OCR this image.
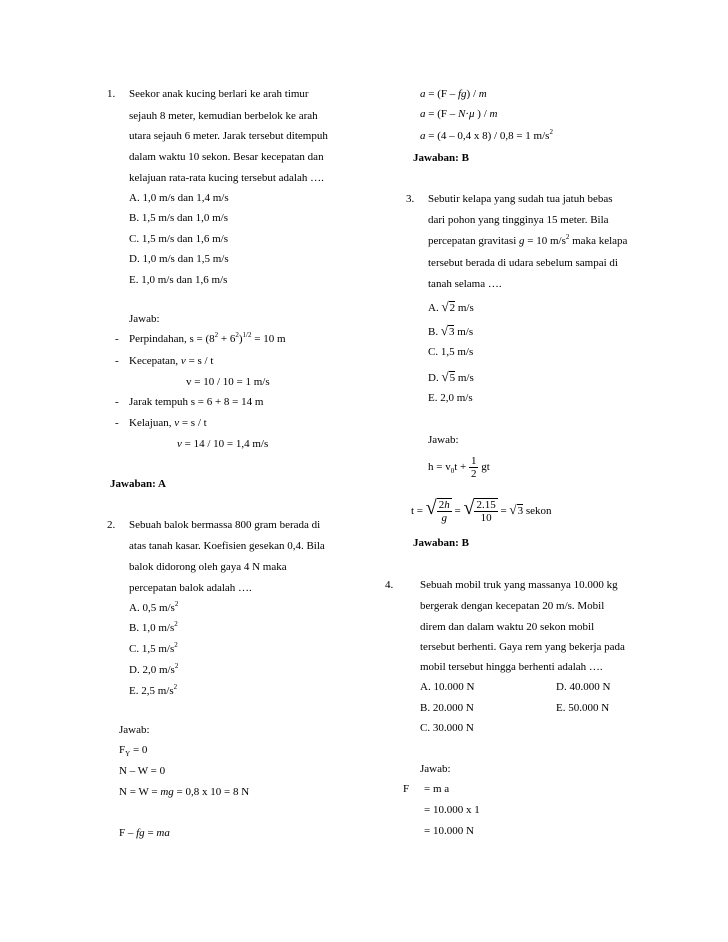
1. Seekor anak kucing berlari ke arah timur
sejauh 8 meter, kemudian berbelok ke arah
utara sejauh 6 meter. Jarak tersebut ditempuh
dalam waktu 10 sekon. Besar kecepatan dan
kelajuan rata-rata kucing tersebut adalah ….
A. 1,0 m/s dan 1,4 m/s
B. 1,5 m/s dan 1,0 m/s
C. 1,5 m/s dan 1,6 m/s
D. 1,0 m/s dan 1,5 m/s
E. 1,0 m/s dan 1,6 m/s
Jawab:
- Perpindahan, $s = (8^2 + 6^2)^{1/2} = 10$ m
- Kecepatan, v = s / t
v = 10 / 10 = 1 m/s
- Jarak tempuh s = 6 + 8 = 14 m
- Kelajuan, v = s / t
v = 14 / 10 = 1,4 m/s
Jawaban: A
2. Sebuah balok bermassa 800 gram berada di
atas tanah kasar. Koefisien gesekan 0,4. Bila
balok didorong oleh gaya 4 N maka
percepatan balok adalah ….
A. 0,5 $m/s^2$
B. 1,0 $m/s^2$
C. 1,5 $m/s^2$
D. 2,0 $m/s^2$
E. 2,5 $m/s^2$
Jawab:
$F_Y = 0$
N – W = 0
N = W = mg = 0,8 x 10 = 8 N
F – fg = ma
a = (F – fg) / m
a = (F – N·μ ) / m
a = (4 – 0,4 x 8) / 0,8 = 1 $m/s^2$
Jawaban: B
3. Sebutir kelapa yang sudah tua jatuh bebas
dari pohon yang tingginya 15 meter. Bila
percepatan gravitasi g = 10 $m/s^2$ maka kelapa
tersebut berada di udara sebelum sampai di
tanah selama ….
A. √2 m/s
B. √3 m/s
C. 1,5 m/s
D. √5 m/s
E. 2,0 m/s
Jawab:
$h = v_0t + \frac{1}{2}$ gt
t = √ $\frac{2h}{g}$ = √ $\frac{2.15}{10} = √3$ sekon
Jawaban: B
4. Sebuah mobil truk yang massanya 10.000 kg
bergerak dengan kecepatan 20 m/s. Mobil
direm dan dalam waktu 20 sekon mobil
tersebut berhenti. Gaya rem yang bekerja pada
mobil tersebut hingga berhenti adalah ….
A. 10.000 N	D. 40.000 N
B. 20.000 N	E. 50.000 N
C. 30.000 N
Jawab:
F = m a
= 10.000 x 1
= 10.000 N
